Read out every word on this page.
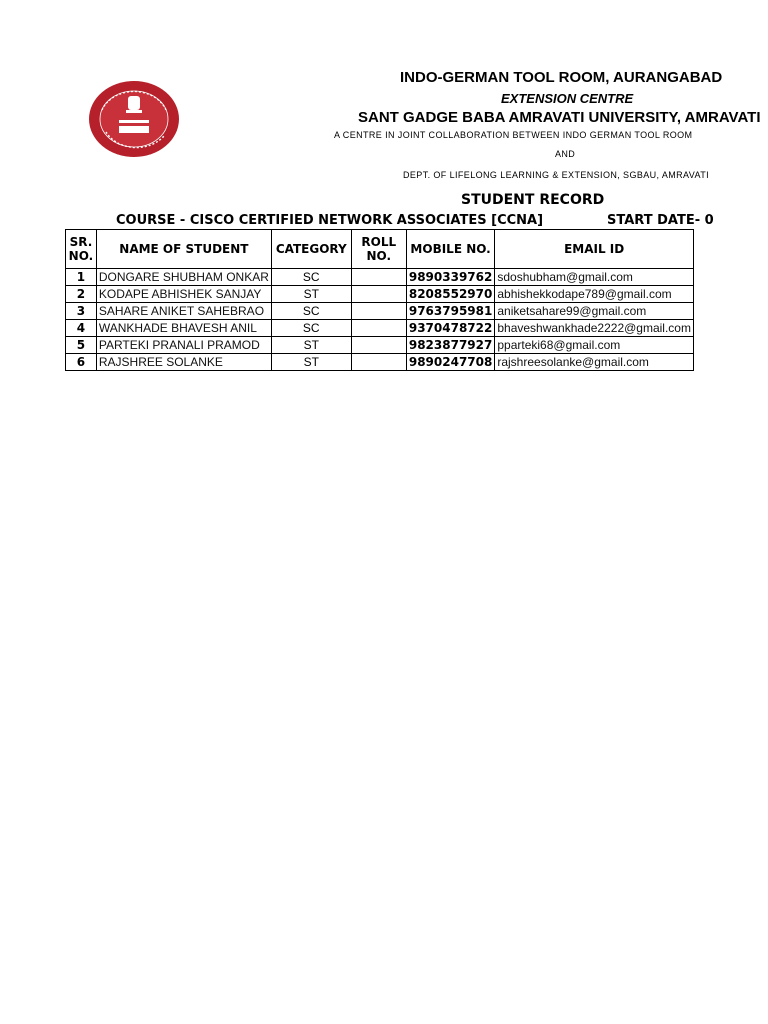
INDO-GERMAN TOOL ROOM, AURANGABAD
EXTENSION CENTRE
SANT GADGE BABA AMRAVATI UNIVERSITY, AMRAVATI
A CENTRE IN JOINT COLLABORATION BETWEEN INDO GERMAN TOOL ROOM
AND
DEPT. OF LIFELONG LEARNING & EXTENSION, SGBAU, AMRAVATI
STUDENT RECORD
COURSE - CISCO CERTIFIED NETWORK ASSOCIATES [CCNA]	START DATE- 0
SR. NO.	NAME OF STUDENT	CATEGORY	ROLL NO.	MOBILE NO.	EMAIL ID
1	DONGARE SHUBHAM ONKAR	SC		9890339762	sdoshubham@gmail.com
2	KODAPE ABHISHEK SANJAY	ST		8208552970	abhishekkodape789@gmail.com
3	SAHARE ANIKET SAHEBRAO	SC		9763795981	aniketsahare99@gmail.com
4	WANKHADE BHAVESH ANIL	SC		9370478722	bhaveshwankhade2222@gmail.com
5	PARTEKI PRANALI PRAMOD	ST		9823877927	pparteki68@gmail.com
6	RAJSHREE SOLANKE	ST		9890247708	rajshreesolanke@gmail.com
